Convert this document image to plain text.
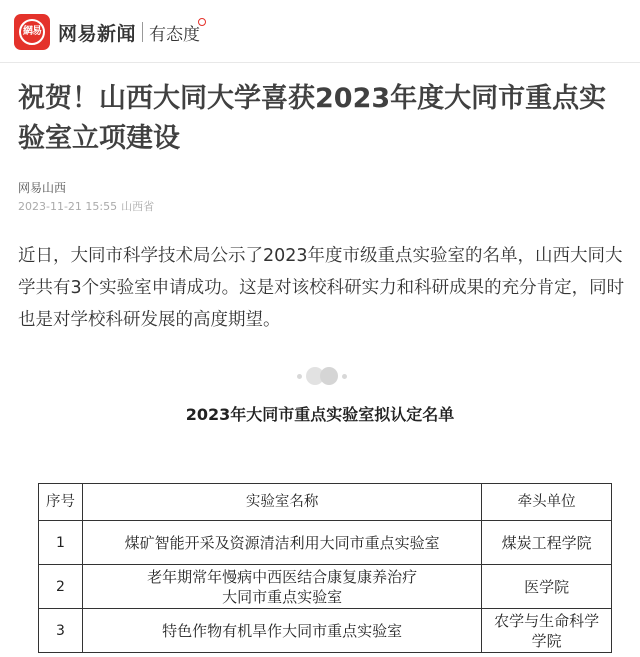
網易 网易新闻 有态度
祝贺！山西大同大学喜获2023年度大同市重点实验室立项建设
网易山西
2023-11-21 15:55 山西省

近日，大同市科学技术局公示了2023年度市级重点实验室的名单，山西大同大学共有3个实验室申请成功。这是对该校科研实力和科研成果的充分肯定，同时也是对学校科研发展的高度期望。

2023年大同市重点实验室拟认定名单
序号	实验室名称	牵头单位
1	煤矿智能开采及资源清洁利用大同市重点实验室	煤炭工程学院
2	老年期常年慢病中西医结合康复康养治疗大同市重点实验室	医学院
3	特色作物有机旱作大同市重点实验室	农学与生命科学学院
